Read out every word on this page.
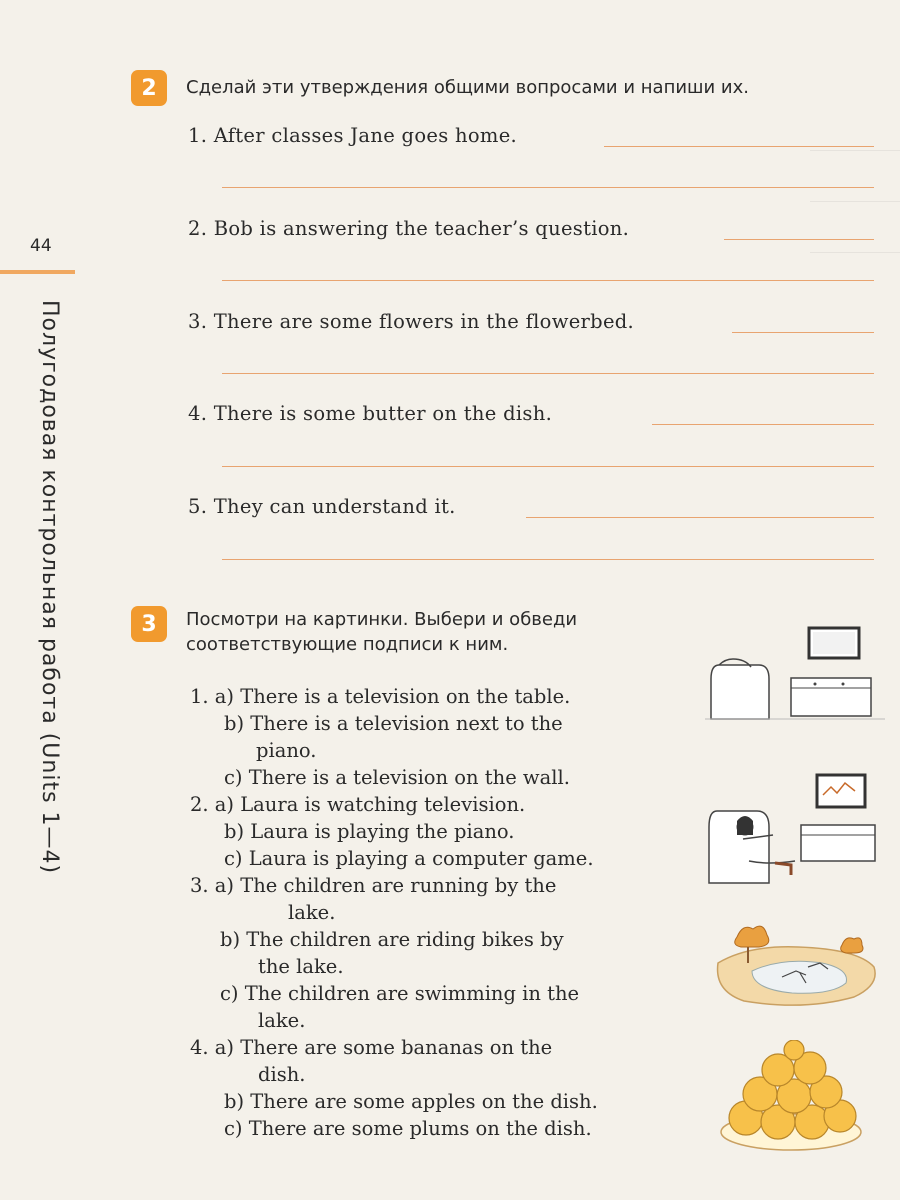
44
Полугодовая контрольная работа (Units 1—4)
2	Сделай эти утверждения общими вопросами и напиши их.
1. After classes Jane goes home.
2. Bob is answering the teacher’s question.
3. There are some flowers in the flowerbed.
4. There is some butter on the dish.
5. They can understand it.
3	Посмотри на картинки. Выбери и обведи
соответствующие подписи к ним.
1. a) There is a television on the table.
b) There is a television next to the
piano.
c) There is a television on the wall.
2. a) Laura is watching television.
b) Laura is playing the piano.
c) Laura is playing a computer game.
3. a) The children are running by the
lake.
b) The children are riding bikes by
the lake.
c) The children are swimming in the
lake.
4. a) There are some bananas on the
dish.
b) There are some apples on the dish.
c) There are some plums on the dish.
